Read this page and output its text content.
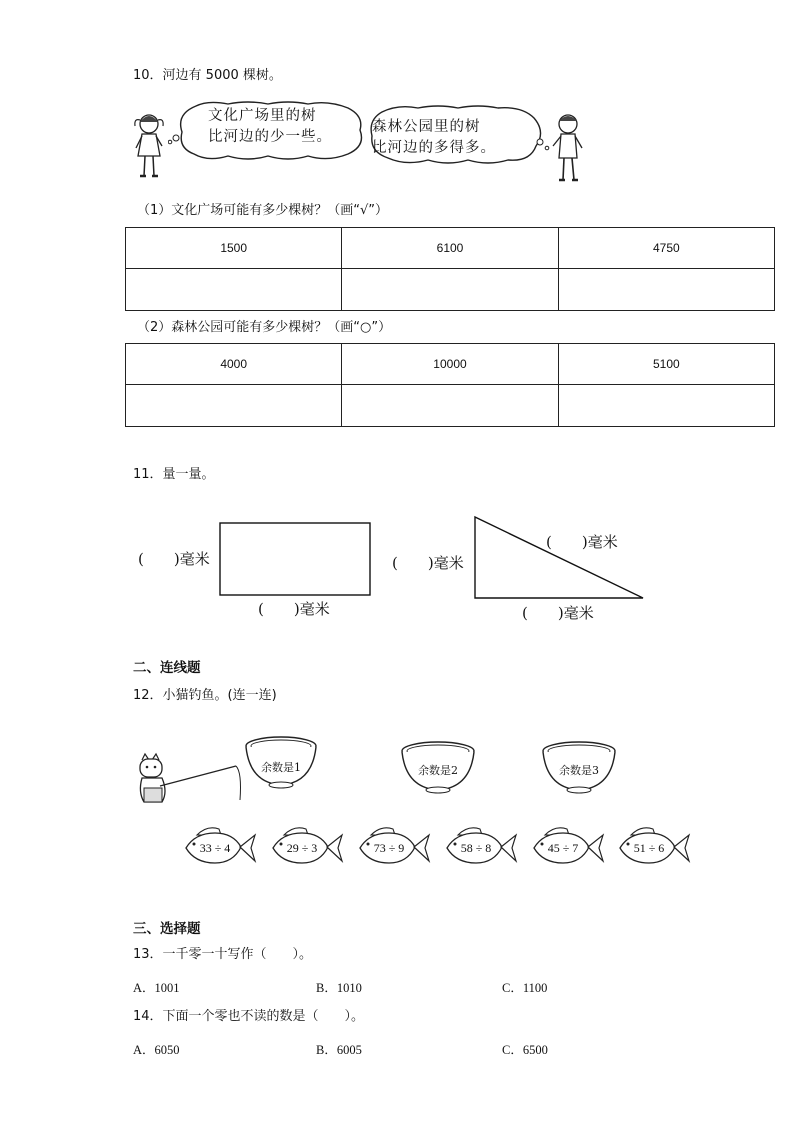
10．河边有 5000 棵树。
文化广场里的树
比河边的少一些。
森林公园里的树
比河边的多得多。
（1）文化广场可能有多少棵树？（画“√”）
1500	6100	4750

（2）森林公园可能有多少棵树？（画“○”）
4000	10000	5100

11．量一量。
(　　)毫米
(　　)毫米
(　　)毫米
(　　)毫米
(　　)毫米
二、连线题
12．小猫钓鱼。(连一连)
余数是1	余数是2	余数是3
33 ÷ 4	29 ÷ 3	73 ÷ 9	58 ÷ 8	45 ÷ 7	51 ÷ 6
三、选择题
13．一千零一十写作（　　）。
A．1001	B．1010	C．1100
14．下面一个零也不读的数是（　　）。
A．6050	B．6005	C．6500
